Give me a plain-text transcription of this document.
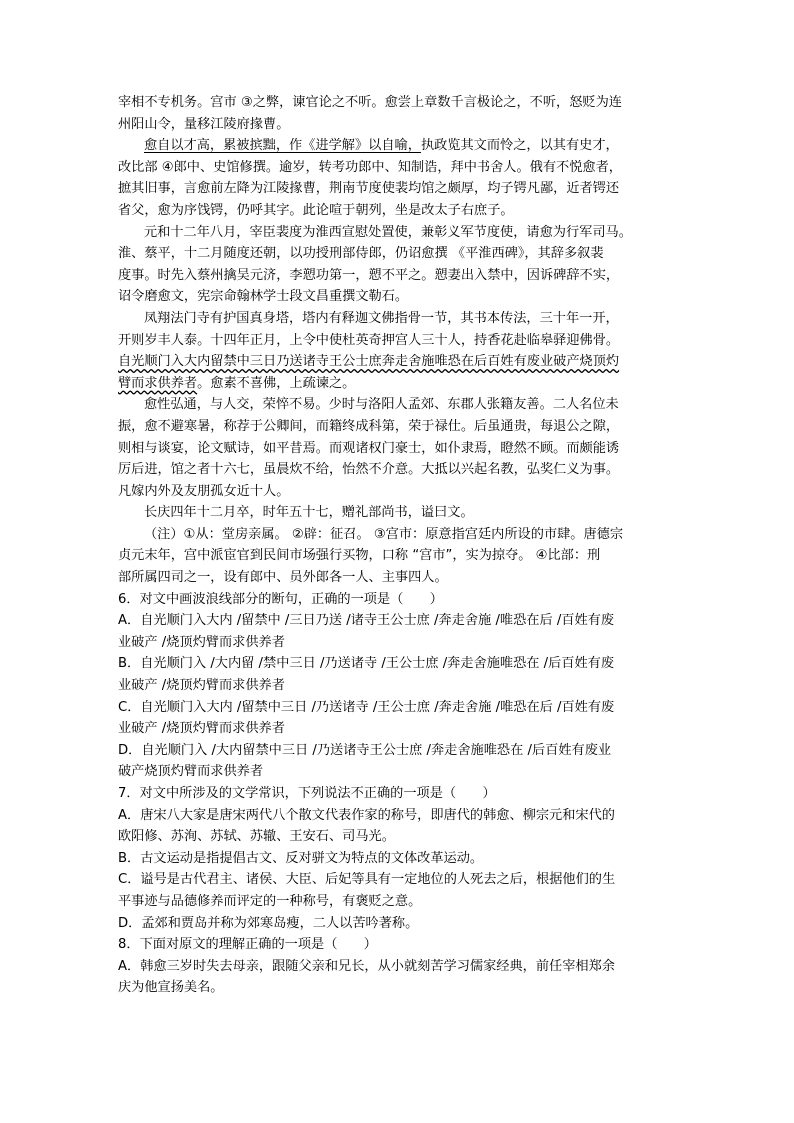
宰相不专机务。宫市 ③之弊，谏官论之不听。愈尝上章数千言极论之，不听，怒贬为连
州阳山令，量移江陵府掾曹。
愈自以才高，累被摈黜，作《进学解》以自喻，执政览其文而怜之，以其有史才，
改比部 ④郎中、史馆修撰。逾岁，转考功郎中、知制诰，拜中书舍人。俄有不悦愈者，
摭其旧事，言愈前左降为江陵掾曹，荆南节度使裴均馆之颇厚，均子锷凡鄙，近者锷还
省父，愈为序饯锷，仍呼其字。此论喧于朝列，坐是改太子右庶子。
元和十二年八月，宰臣裴度为淮西宣慰处置使，兼彰义军节度使，请愈为行军司马。
淮、蔡平，十二月随度还朝，以功授刑部侍郎，仍诏愈撰 《平淮西碑》，其辞多叙裴
度事。时先入蔡州擒吴元济，李愬功第一，愬不平之。愬妻出入禁中，因诉碑辞不实，
诏令磨愈文，宪宗命翰林学士段文昌重撰文勒石。
凤翔法门寺有护国真身塔，塔内有释迦文佛指骨一节，其书本传法，三十年一开，
开则岁丰人泰。十四年正月，上令中使杜英奇押宫人三十人，持香花赴临皋驿迎佛骨。
自光顺门入大内留禁中三日乃送诸寺王公士庶奔走舍施唯恐在后百姓有废业破产烧顶灼
臂而求供养者。愈素不喜佛，上疏谏之。
愈性弘通，与人交，荣悴不易。少时与洛阳人孟郊、东郡人张籍友善。二人名位未
振，愈不避寒暑，称荐于公卿间，而籍终成科第，荣于禄仕。后虽通贵，每退公之隙，
则相与谈宴，论文赋诗，如平昔焉。而观诸权门豪士，如仆隶焉，瞪然不顾。而颇能诱
厉后进，馆之者十六七，虽晨炊不给，怡然不介意。大抵以兴起名教，弘奖仁义为事。
凡嫁内外及友朋孤女近十人。
长庆四年十二月卒，时年五十七，赠礼部尚书，谥曰文。
（注）①从：堂房亲属。 ②辟：征召。 ③宫市：原意指宫廷内所设的市肆。唐德宗
贞元末年，宫中派宦官到民间市场强行买物，口称 “宫市”，实为掠夺。 ④比部：刑
部所属四司之一，设有郎中、员外郎各一人、主事四人。
6．对文中画波浪线部分的断句，正确的一项是（　　）
A．自光顺门入大内 /留禁中 /三日乃送 /诸寺王公士庶 /奔走舍施 /唯恐在后 /百姓有废
业破产 /烧顶灼臂而求供养者
B．自光顺门入 /大内留 /禁中三日 /乃送诸寺 /王公士庶 /奔走舍施唯恐在 /后百姓有废
业破产 /烧顶灼臂而求供养者
C．自光顺门入大内 /留禁中三日 /乃送诸寺 /王公士庶 /奔走舍施 /唯恐在后 /百姓有废
业破产 /烧顶灼臂而求供养者
D．自光顺门入 /大内留禁中三日 /乃送诸寺王公士庶 /奔走舍施唯恐在 /后百姓有废业
破产烧顶灼臂而求供养者
7．对文中所涉及的文学常识，下列说法不正确的一项是（　　）
A．唐宋八大家是唐宋两代八个散文代表作家的称号，即唐代的韩愈、柳宗元和宋代的
欧阳修、苏洵、苏轼、苏辙、王安石、司马光。
B．古文运动是指提倡古文、反对骈文为特点的文体改革运动。
C．谥号是古代君主、诸侯、大臣、后妃等具有一定地位的人死去之后，根据他们的生
平事迹与品德修养而评定的一种称号，有褒贬之意。
D．孟郊和贾岛并称为郊寒岛瘦，二人以苦吟著称。
8．下面对原文的理解正确的一项是（　　）
A．韩愈三岁时失去母亲，跟随父亲和兄长，从小就刻苦学习儒家经典，前任宰相郑余
庆为他宣扬美名。
